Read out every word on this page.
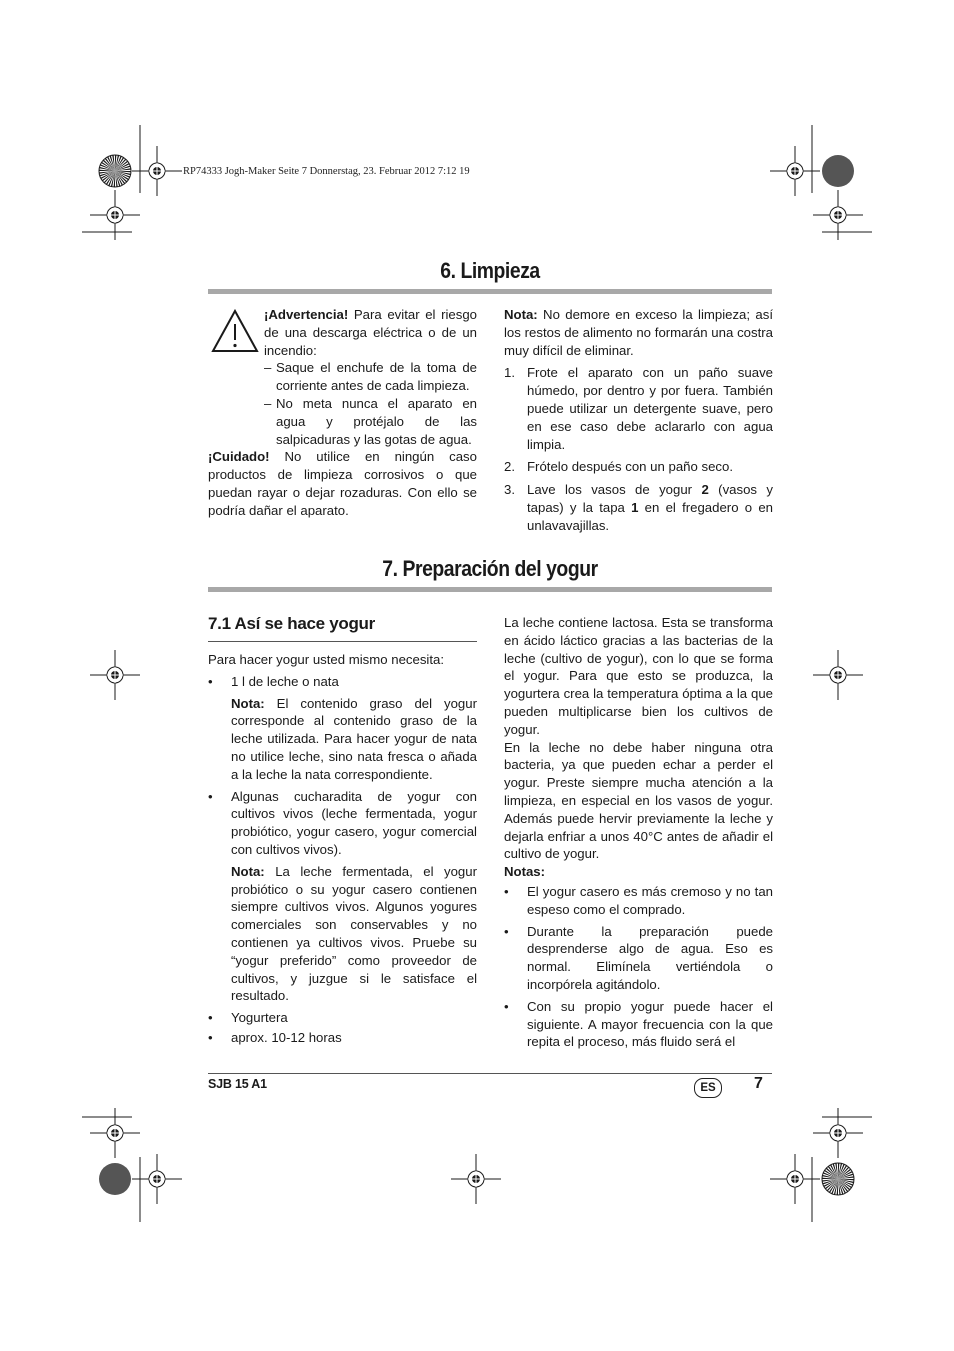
RP74333 Jogh-Maker Seite 7 Donnerstag, 23. Februar 2012 7:12 19
6. Limpieza

¡Advertencia! Para evitar el riesgo de una descarga eléctrica o de un incendio:

– Saque el enchufe de la toma de corriente antes de cada limpieza.
– No meta nunca el aparato en agua y protéjalo de las salpicaduras y las gotas de agua.

¡Cuidado! No utilice en ningún caso productos de limpieza corrosivos o que puedan rayar o dejar rozaduras. Con ello se podría dañar el aparato.

Nota: No demore en exceso la limpieza; así los restos de alimento no formarán una costra muy difícil de eliminar.

1. Frote el aparato con un paño suave húmedo, por dentro y por fuera. También puede utilizar un detergente suave, pero en ese caso debe aclararlo con agua limpia.
2. Frótelo después con un paño seco.
3. Lave los vasos de yogur 2 (vasos y tapas) y la tapa 1 en el fregadero o en unlavavajillas.
7. Preparación del yogur
7.1 Así se hace yogur

Para hacer yogur usted mismo necesita:

•	1 l de leche o nata

Nota: El contenido graso del yogur corresponde al contenido graso de la leche utilizada. Para hacer yogur de nata no utilice leche, sino nata fresca o añada a la leche la nata correspondiente.

•	Algunas cucharadita de yogur con cultivos vivos (leche fermentada, yogur probiótico, yogur casero, yogur comercial con cultivos vivos).

Nota: La leche fermentada, el yogur probiótico o su yogur casero contienen siempre cultivos vivos. Algunos yogures comerciales son conservables y no contienen ya cultivos vivos. Pruebe su “yogur preferido” como proveedor de cultivos, y juzgue si le satisface el resultado.

•	Yogurtera
•	aprox. 10-12 horas

La leche contiene lactosa. Esta se transforma en ácido láctico gracias a las bacterias de la leche (cultivo de yogur), con lo que se forma el yogur. Para que esto se produzca, la yogurtera crea la temperatura óptima a la que pueden multiplicarse bien los cultivos de yogur.

En la leche no debe haber ninguna otra bacteria, ya que pueden echar a perder el yogur. Preste siempre mucha atención a la limpieza, en especial en los vasos de yogur. Además puede hervir previamente la leche y dejarla enfriar a unos 40°C antes de añadir el cultivo de yogur.

Notas:

•	El yogur casero es más cremoso y no tan espeso como el comprado.
•	Durante la preparación puede desprenderse algo de agua. Eso es normal. Elimínela vertiéndola o incorpórela agitándolo.
•	Con su propio yogur puede hacer el siguiente. A mayor frecuencia con la que repita el proceso, más fluido será el
SJB 15 A1	ES	7
